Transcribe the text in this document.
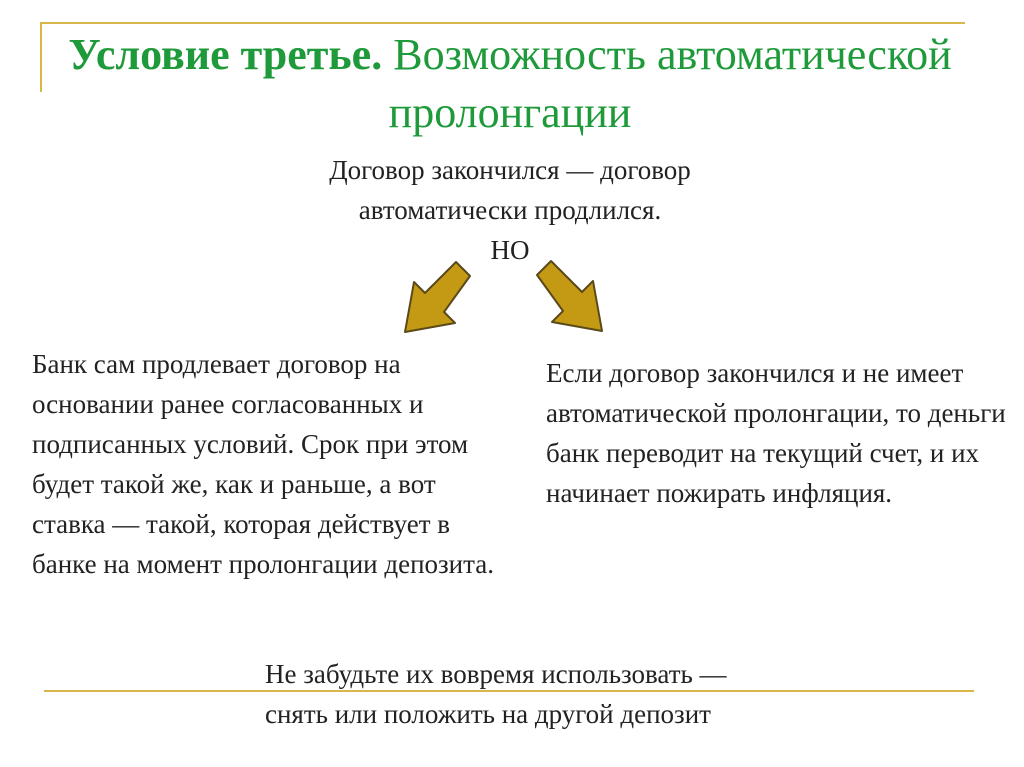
Условие третье. Возможность автоматической пролонгации
Договор закончился — договор
автоматически продлился.
НО
Банк сам продлевает договор на основании ранее согласованных и подписанных условий. Срок при этом будет такой же, как и раньше, а вот ставка — такой, которая действует в банке на момент пролонгации депозита.
Если договор закончился и не имеет автоматической пролонгации, то деньги банк переводит на текущий счет, и их начинает пожирать инфляция.
Не забудьте их вовремя использовать —
снять или положить на другой депозит
